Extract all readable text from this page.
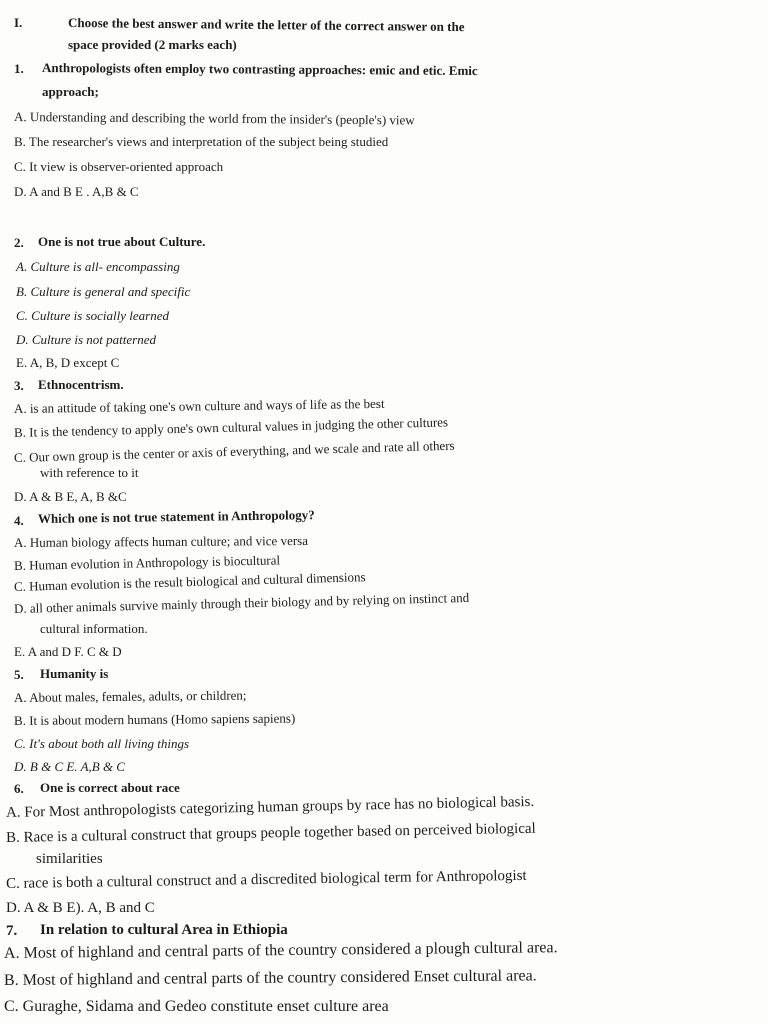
I.	Choose the best answer and write the letter of the correct answer on the
space provided (2 marks each)
1. Anthropologists often employ two contrasting approaches: emic and etic. Emic
approach;
A. Understanding and describing the world from the insider's (people's) view
B. The researcher's views and interpretation of the subject being studied
C. It view is observer-oriented approach
D. A and B E . A,B & C
2. One is not true about Culture.
A. Culture is all- encompassing
B. Culture is general and specific
C. Culture is socially learned
D. Culture is not patterned
E. A, B, D except C
3. Ethnocentrism.
A. is an attitude of taking one's own culture and ways of life as the best
B. It is the tendency to apply one's own cultural values in judging the other cultures
C. Our own group is the center or axis of everything, and we scale and rate all others
with reference to it
D. A & B E, A, B &C
4. Which one is not true statement in Anthropology?
A. Human biology affects human culture; and vice versa
B. Human evolution in Anthropology is biocultural
C. Human evolution is the result biological and cultural dimensions
D. all other animals survive mainly through their biology and by relying on instinct and
cultural information.
E. A and D F. C & D
5. Humanity is
A. About males, females, adults, or children;
B. It is about modern humans (Homo sapiens sapiens)
C. It's about both all living things
D. B & C E. A,B & C
6. One is correct about race
A. For Most anthropologists categorizing human groups by race has no biological basis.
B. Race is a cultural construct that groups people together based on perceived biological
similarities
C. race is both a cultural construct and a discredited biological term for Anthropologist
D. A & B E). A, B and C
7. In relation to cultural Area in Ethiopia
A. Most of highland and central parts of the country considered a plough cultural area.
B. Most of highland and central parts of the country considered Enset cultural area.
C. Guraghe, Sidama and Gedeo constitute enset culture area
